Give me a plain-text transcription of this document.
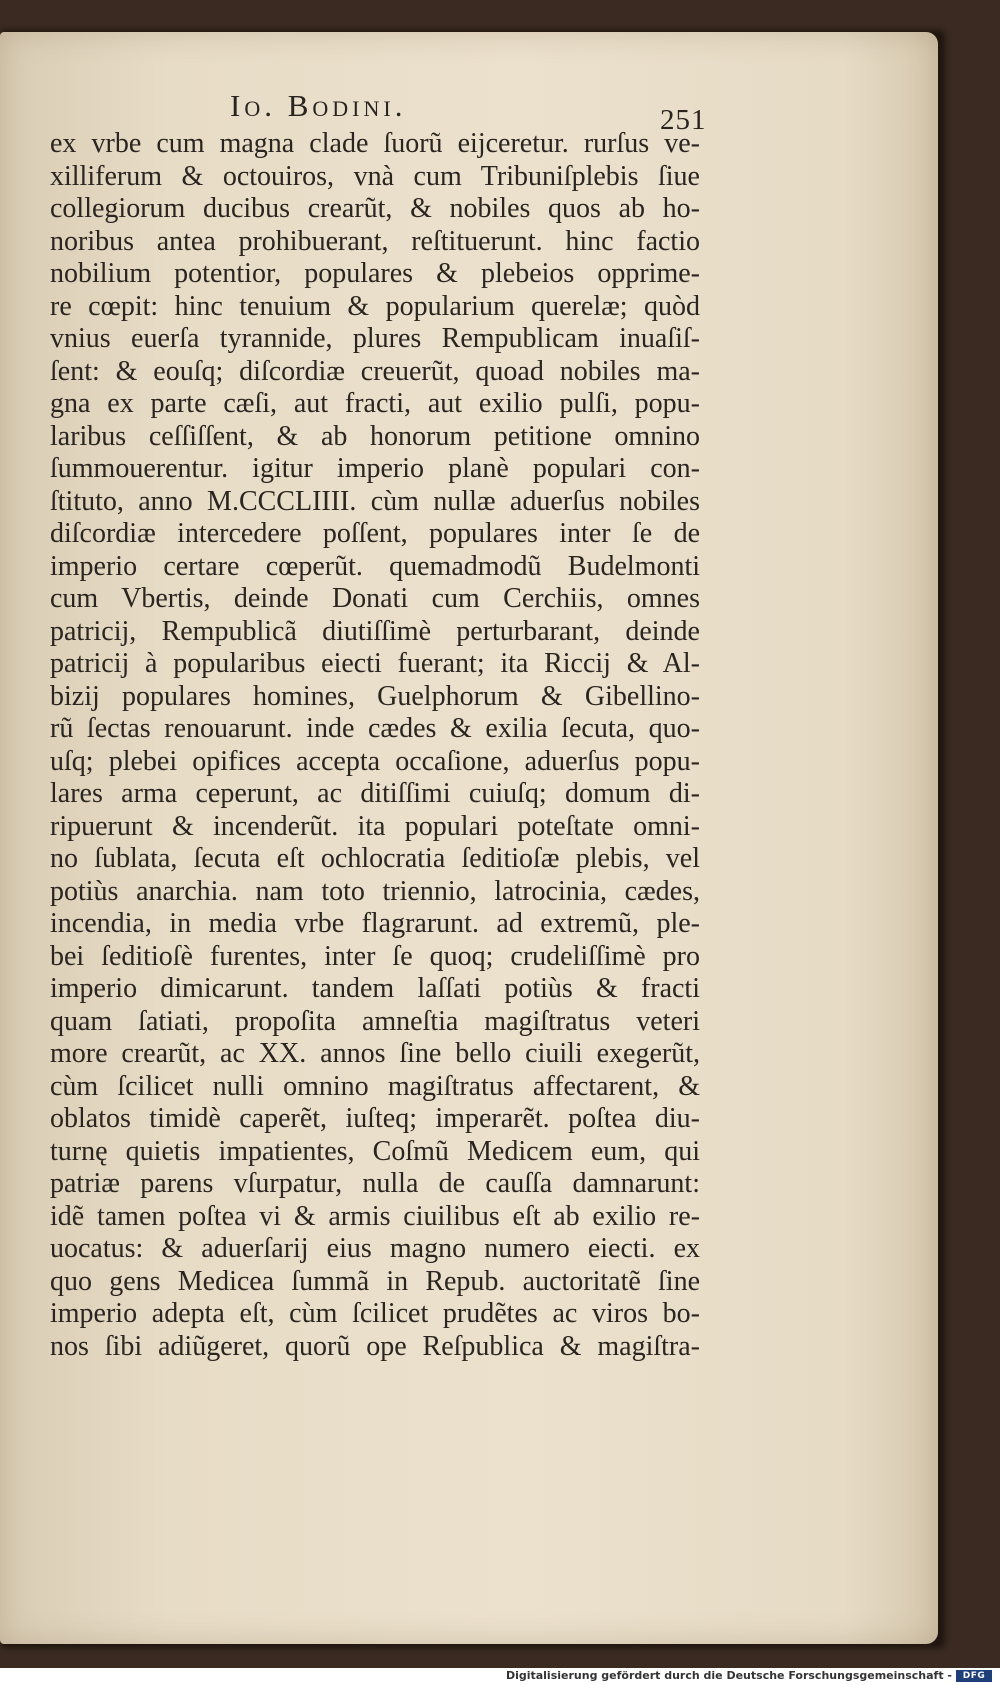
Io. Bodini.	251
ex vrbe cum magna clade ſuorũ eijceretur. rurſus ve-
xilliferum & octouiros, vnà cum Tribuniſplebis ſiue
collegiorum ducibus crearũt, & nobiles quos ab ho-
noribus antea prohibuerant, reſtituerunt. hinc factio
nobilium potentior, populares & plebeios opprime-
re cœpit: hinc tenuium & popularium querelæ; quòd
vnius euerſa tyrannide, plures Rempublicam inuaſiſ-
ſent: & eouſq; diſcordiæ creuerũt, quoad nobiles ma-
gna ex parte cæſi, aut fracti, aut exilio pulſi, popu-
laribus ceſſiſſent, & ab honorum petitione omnino
ſummouerentur. igitur imperio planè populari con-
ſtituto, anno M.CCCLIIII. cùm nullæ aduerſus nobiles
diſcordiæ intercedere poſſent, populares inter ſe de
imperio certare cœperũt. quemadmodũ Budelmonti
cum Vbertis, deinde Donati cum Cerchiis, omnes
patricij, Rempublicã diutiſſimè perturbarant, deinde
patricij à popularibus eiecti fuerant; ita Riccij & Al-
bizij populares homines, Guelphorum & Gibellino-
rũ ſectas renouarunt. inde cædes & exilia ſecuta, quo-
uſq; plebei opifices accepta occaſione, aduerſus popu-
lares arma ceperunt, ac ditiſſimi cuiuſq; domum di-
ripuerunt & incenderũt. ita populari poteſtate omni-
no ſublata, ſecuta eſt ochlocratia ſeditioſæ plebis, vel
potiùs anarchia. nam toto triennio, latrocinia, cædes,
incendia, in media vrbe flagrarunt. ad extremũ, ple-
bei ſeditioſè furentes, inter ſe quoq; crudeliſſimè pro
imperio dimicarunt. tandem laſſati potiùs & fracti
quam ſatiati, propoſita amneſtia magiſtratus veteri
more crearũt, ac XX. annos ſine bello ciuili exegerũt,
cùm ſcilicet nulli omnino magiſtratus affectarent, &
oblatos timidè caperẽt, iuſteq; imperarẽt. poſtea diu-
turnę quietis impatientes, Coſmũ Medicem eum, qui
patriæ parens vſurpatur, nulla de cauſſa damnarunt:
idẽ tamen poſtea vi & armis ciuilibus eſt ab exilio re-
uocatus: & aduerſarij eius magno numero eiecti. ex
quo gens Medicea ſummã in Repub. auctoritatẽ ſine
imperio adepta eſt, cùm ſcilicet prudẽtes ac viros bo-
nos ſibi adiũgeret, quorũ ope Reſpublica & magiſtra-
Digitalisierung gefördert durch die Deutsche Forschungsgemeinschaft -	DFG
